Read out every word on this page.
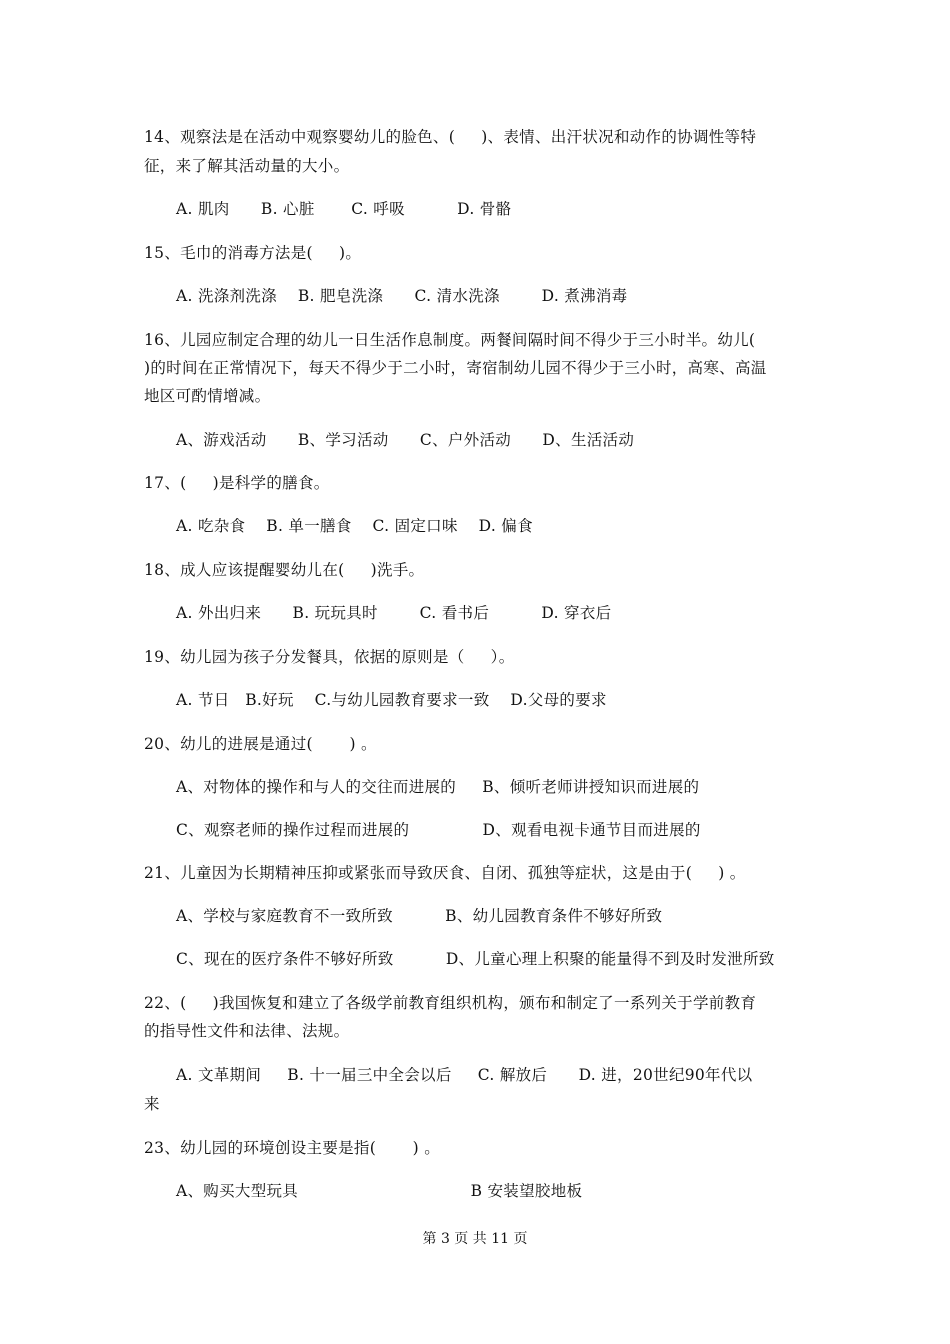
14、观察法是在活动中观察婴幼儿的脸色、(     )、表情、出汗状况和动作的协调性等特
征，来了解其活动量的大小。
A. 肌肉      B. 心脏       C. 呼吸          D. 骨骼
15、毛巾的消毒方法是(     )。
A. 洗涤剂洗涤    B. 肥皂洗涤      C. 清水洗涤        D. 煮沸消毒
16、儿园应制定合理的幼儿一日生活作息制度。两餐间隔时间不得少于三小时半。幼儿(
)的时间在正常情况下，每天不得少于二小时，寄宿制幼儿园不得少于三小时，高寒、高温
地区可酌情增减。
A、游戏活动      B、学习活动      C、户外活动      D、生活活动
17、(     )是科学的膳食。
A. 吃杂食    B. 单一膳食    C. 固定口味    D. 偏食
18、成人应该提醒婴幼儿在(     )洗手。
A. 外出归来      B. 玩玩具时        C. 看书后          D. 穿衣后
19、幼儿园为孩子分发餐具，依据的原则是（     ）。
A. 节日   B.好玩    C.与幼儿园教育要求一致    D.父母的要求
20、幼儿的进展是通过(       ) 。
A、对物体的操作和与人的交往而进展的     B、倾听老师讲授知识而进展的
C、观察老师的操作过程而进展的              D、观看电视卡通节目而进展的
21、儿童因为长期精神压抑或紧张而导致厌食、自闭、孤独等症状，这是由于(     ) 。
A、学校与家庭教育不一致所致          B、幼儿园教育条件不够好所致
C、现在的医疗条件不够好所致          D、儿童心理上积聚的能量得不到及时发泄所致
22、(     )我国恢复和建立了各级学前教育组织机构，颁布和制定了一系列关于学前教育
的指导性文件和法律、法规。
A. 文革期间     B. 十一届三中全会以后     C. 解放后      D. 进，20世纪90年代以
来
23、幼儿园的环境创设主要是指(       ) 。
A、购买大型玩具                                 B 安装望胶地板
第 3 页 共 11 页
